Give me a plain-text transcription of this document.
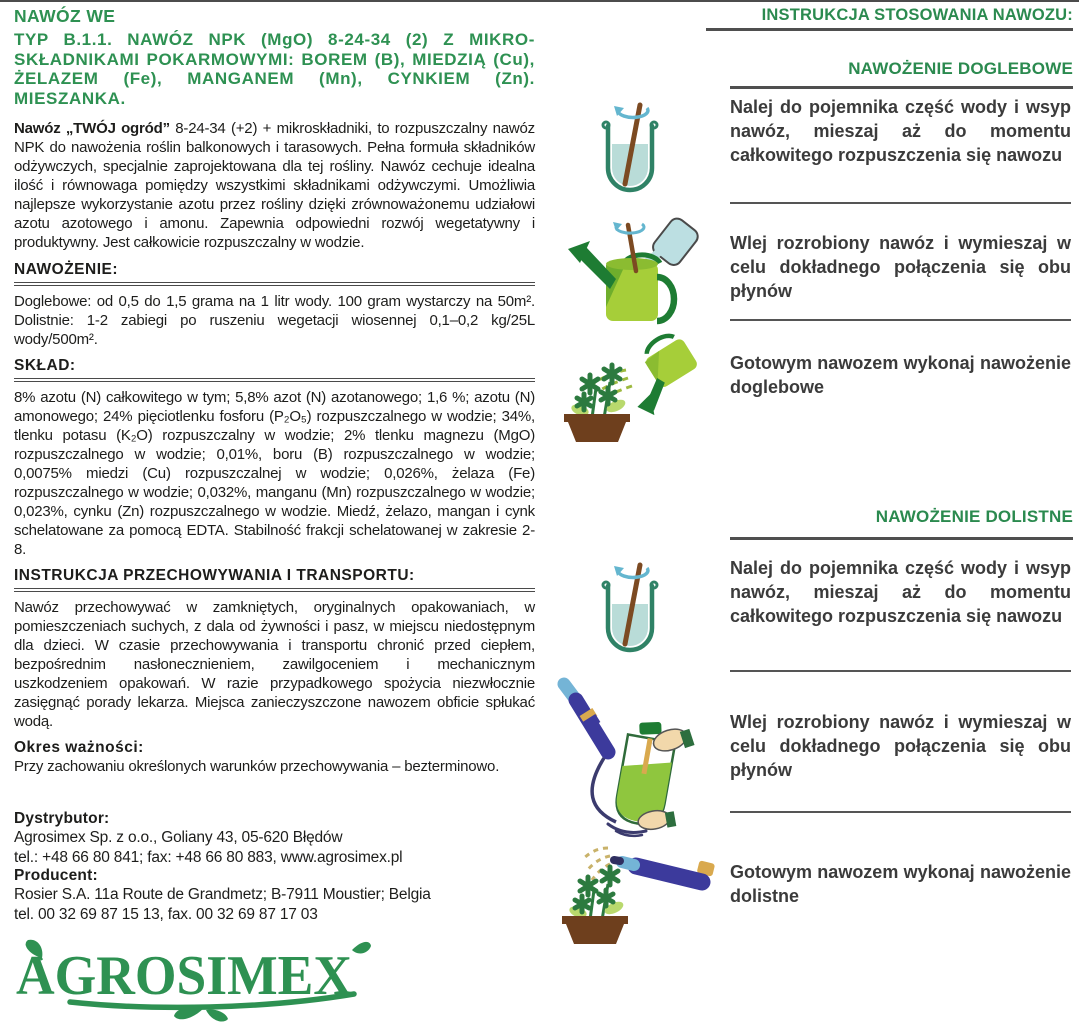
NAWÓZ WE
TYP B.1.1. NAWÓZ NPK (MgO) 8-24-34 (2) Z MIKRO-SKŁADNIKAMI POKARMOWYMI: BOREM (B), MIEDZIĄ (Cu), ŻELAZEM (Fe), MANGANEM (Mn), CYNKIEM (Zn). MIESZANKA.

Nawóz „TWÓJ ogród” 8-24-34 (+2) + mikroskładniki, to rozpuszczalny nawóz NPK do nawożenia roślin balkonowych i tarasowych. Pełna formuła składników odżywczych, specjalnie zaprojektowana dla tej rośliny. Nawóz cechuje idealna ilość i równowaga pomiędzy wszystkimi składnikami odżywczymi. Umożliwia najlepsze wykorzystanie azotu przez rośliny dzięki zrównoważonemu udziałowi azotu azotowego i amonu. Zapewnia odpowiedni rozwój wegetatywny i produktywny. Jest całkowicie rozpuszczalny w wodzie.

NAWOŻENIE:

Doglebowe: od 0,5 do 1,5 grama na 1 litr wody. 100 gram wystarczy na 50m². Dolistnie: 1-2 zabiegi po ruszeniu wegetacji wiosennej 0,1–0,2 kg/25L wody/500m².

SKŁAD:

8% azotu (N) całkowitego w tym; 5,8% azot (N) azotanowego; 1,6 %; azotu (N) amonowego; 24% pięciotlenku fosforu (P₂O₅) rozpuszczalnego w wodzie; 34%, tlenku potasu (K₂O) rozpuszczalny w wodzie; 2% tlenku magnezu (MgO) rozpuszczalnego w wodzie; 0,01%, boru (B) rozpuszczalnego w wodzie; 0,0075% miedzi (Cu) rozpuszczalnej w wodzie; 0,026%, żelaza (Fe) rozpuszczalnego w wodzie; 0,032%, manganu (Mn) rozpuszczalnego w wodzie; 0,023%, cynku (Zn) rozpuszczalnego w wodzie. Miedź, żelazo, mangan i cynk schelatowane za pomocą EDTA. Stabilność frakcji schelatowanej w zakresie 2-8.

INSTRUKCJA PRZECHOWYWANIA I TRANSPORTU:

Nawóz przechowywać w zamkniętych, oryginalnych opakowaniach, w pomieszczeniach suchych, z dala od żywności i pasz, w miejscu niedostępnym dla dzieci. W czasie przechowywania i transportu chronić przed ciepłem, bezpośrednim nasłonecznieniem, zawilgoceniem i mechanicznym uszkodzeniem opakowań. W razie przypadkowego spożycia niezwłocznie zasięgnąć porady lekarza. Miejsca zanieczyszczone nawozem obficie spłukać wodą.

Okres ważności:

Przy zachowaniu określonych warunków przechowywania – bezterminowo.

Dystrybutor:

Agrosimex Sp. z o.o., Goliany 43, 05-620 Błędów

tel.: +48 66 80 841; fax: +48 66 80 883, www.agrosimex.pl

Producent:

Rosier S.A. 11a Route de Grandmetz; B-7911 Moustier; Belgia

tel. 00 32 69 87 15 13, fax. 00 32 69 87 17 03

AGROSIMEX
INSTRUKCJA STOSOWANIA NAWOZU:
NAWOŻENIE DOGLEBOWE
Nalej do pojemnika część wody i wsyp nawóz, mieszaj aż do momentu całkowitego rozpuszczenia się nawozu
Wlej rozrobiony nawóz i wymieszaj w celu dokładnego połączenia się obu płynów
Gotowym nawozem wykonaj nawożenie doglebowe
NAWOŻENIE DOLISTNE
Nalej do pojemnika część wody i wsyp nawóz, mieszaj aż do momentu całkowitego rozpuszczenia się nawozu
Wlej rozrobiony nawóz i wymieszaj w celu dokładnego połączenia się obu płynów
Gotowym nawozem wykonaj nawożenie dolistne
